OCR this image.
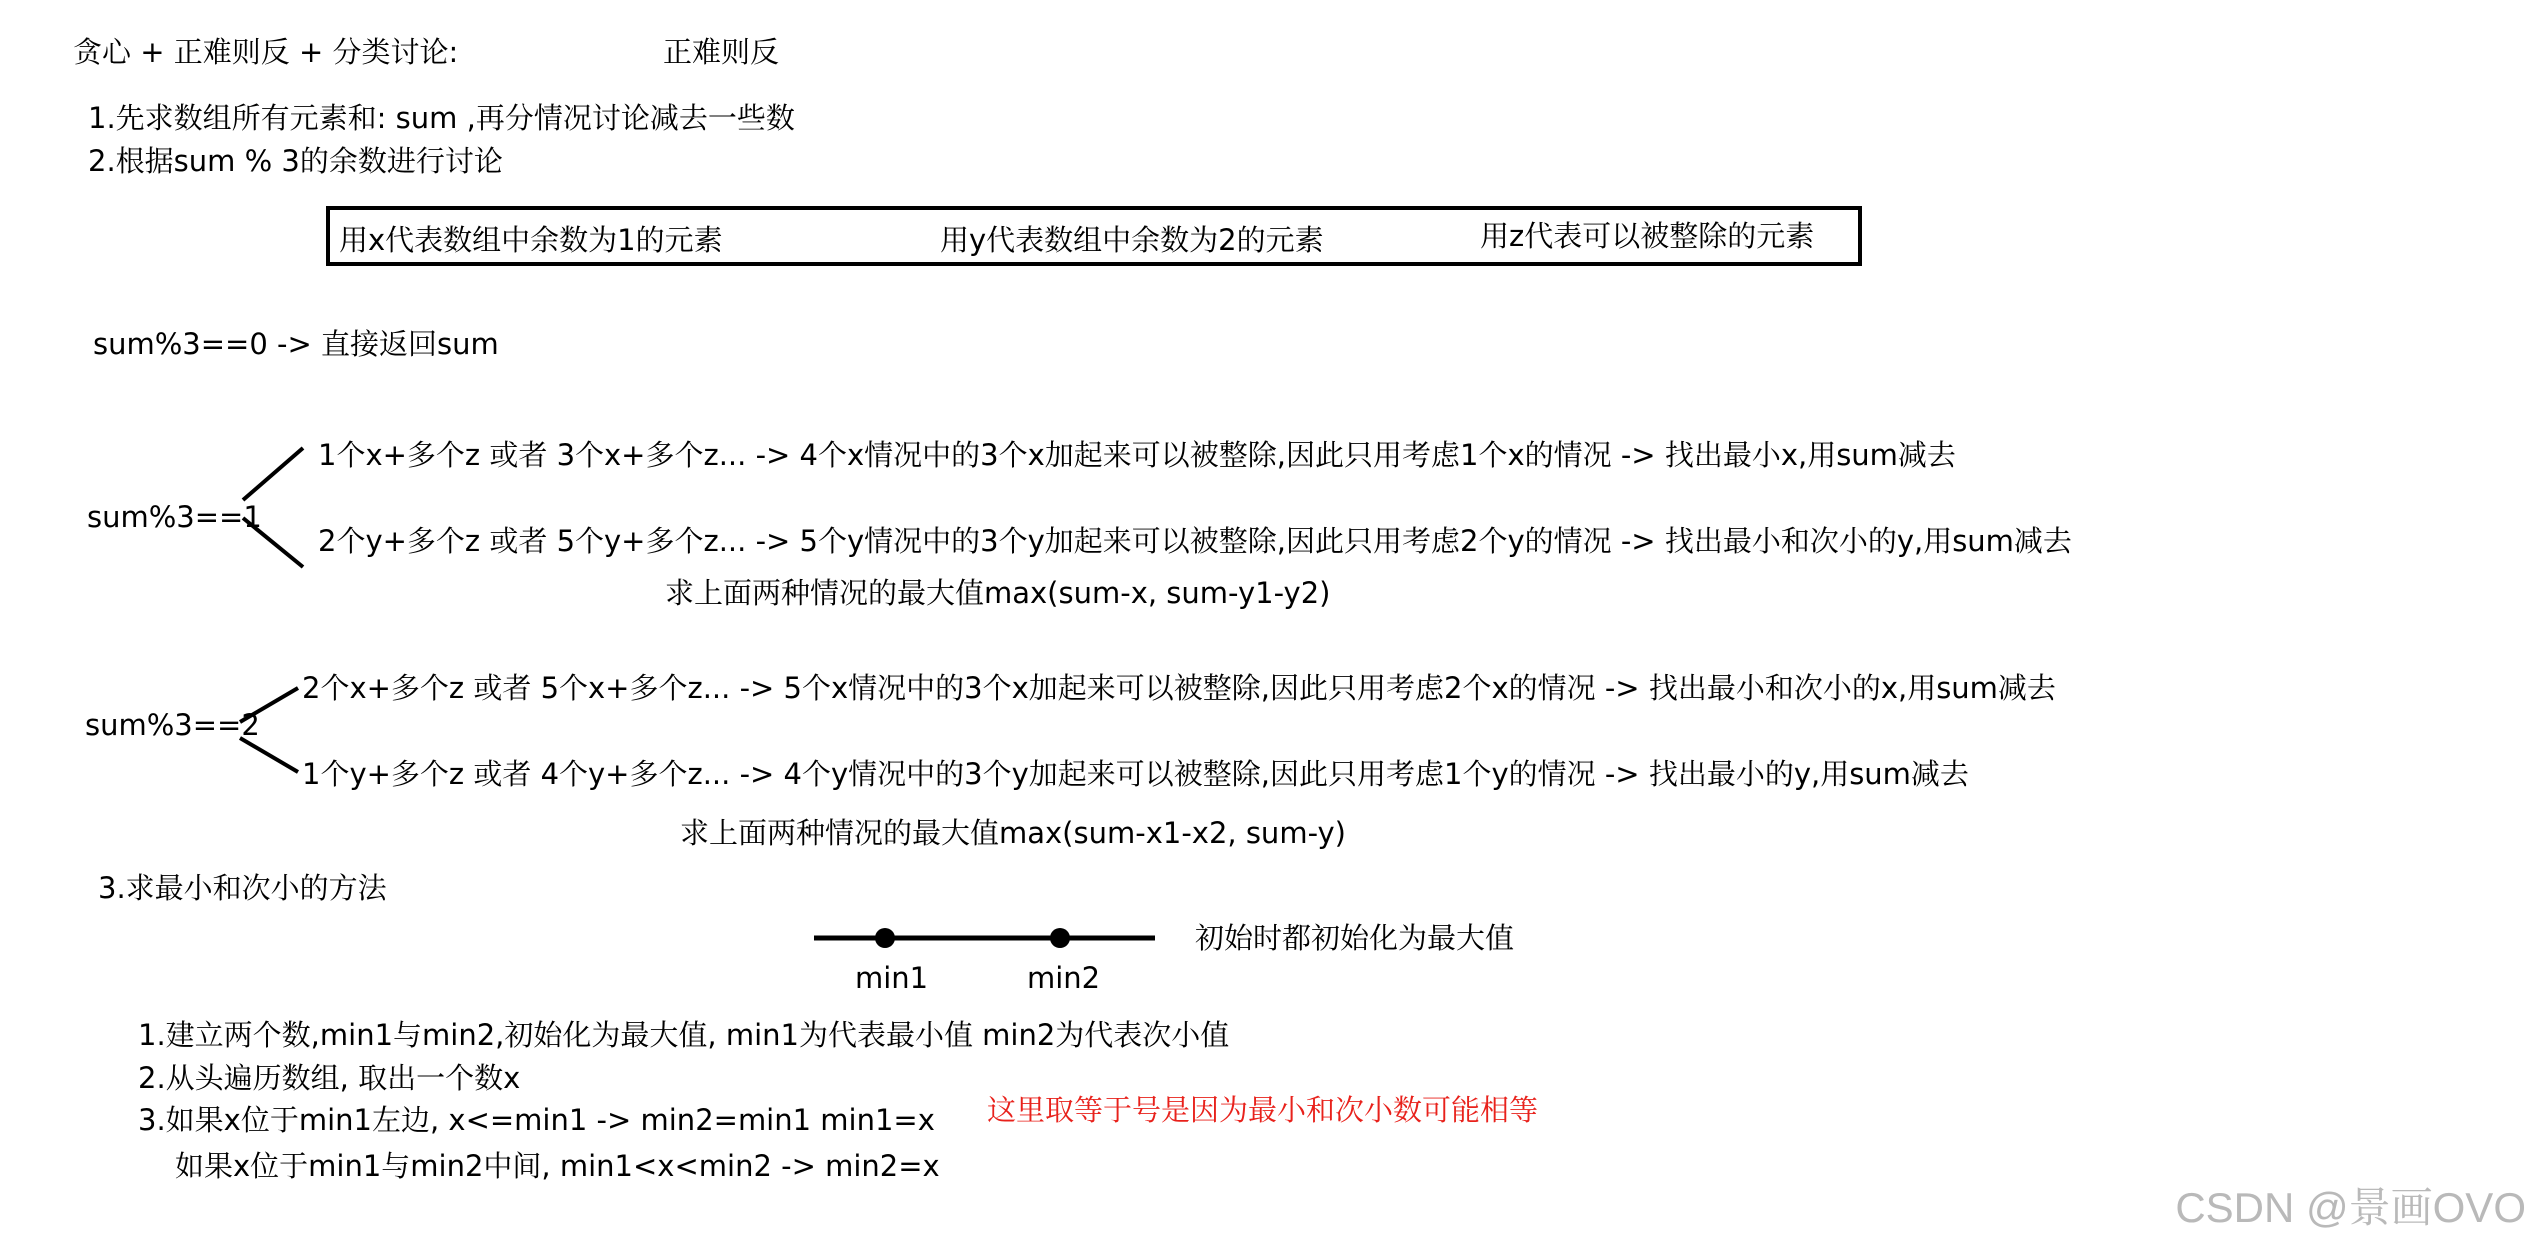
贪心 + 正难则反 + 分类讨论:	正难则反
1.先求数组所有元素和: sum ,再分情况讨论减去一些数
2.根据sum % 3的余数进行讨论
用x代表数组中余数为1的元素	用y代表数组中余数为2的元素	用z代表可以被整除的元素
sum%3==0 -> 直接返回sum
sum%3==1
1个x+多个z 或者 3个x+多个z... -> 4个x情况中的3个x加起来可以被整除,因此只用考虑1个x的情况 -> 找出最小x,用sum减去
2个y+多个z 或者 5个y+多个z... -> 5个y情况中的3个y加起来可以被整除,因此只用考虑2个y的情况 -> 找出最小和次小的y,用sum减去
求上面两种情况的最大值max(sum-x, sum-y1-y2)
sum%3==2
2个x+多个z 或者 5个x+多个z... -> 5个x情况中的3个x加起来可以被整除,因此只用考虑2个x的情况 -> 找出最小和次小的x,用sum减去
1个y+多个z 或者 4个y+多个z... -> 4个y情况中的3个y加起来可以被整除,因此只用考虑1个y的情况 -> 找出最小的y,用sum减去
求上面两种情况的最大值max(sum-x1-x2, sum-y)
3.求最小和次小的方法
初始时都初始化为最大值
min1	min2
1.建立两个数,min1与min2,初始化为最大值, min1为代表最小值 min2为代表次小值
2.从头遍历数组, 取出一个数x
3.如果x位于min1左边, x<=min1 -> min2=min1 min1=x 这里取等于号是因为最小和次小数可能相等
如果x位于min1与min2中间, min1<x<min2 -> min2=x
CSDN @景画OVO
